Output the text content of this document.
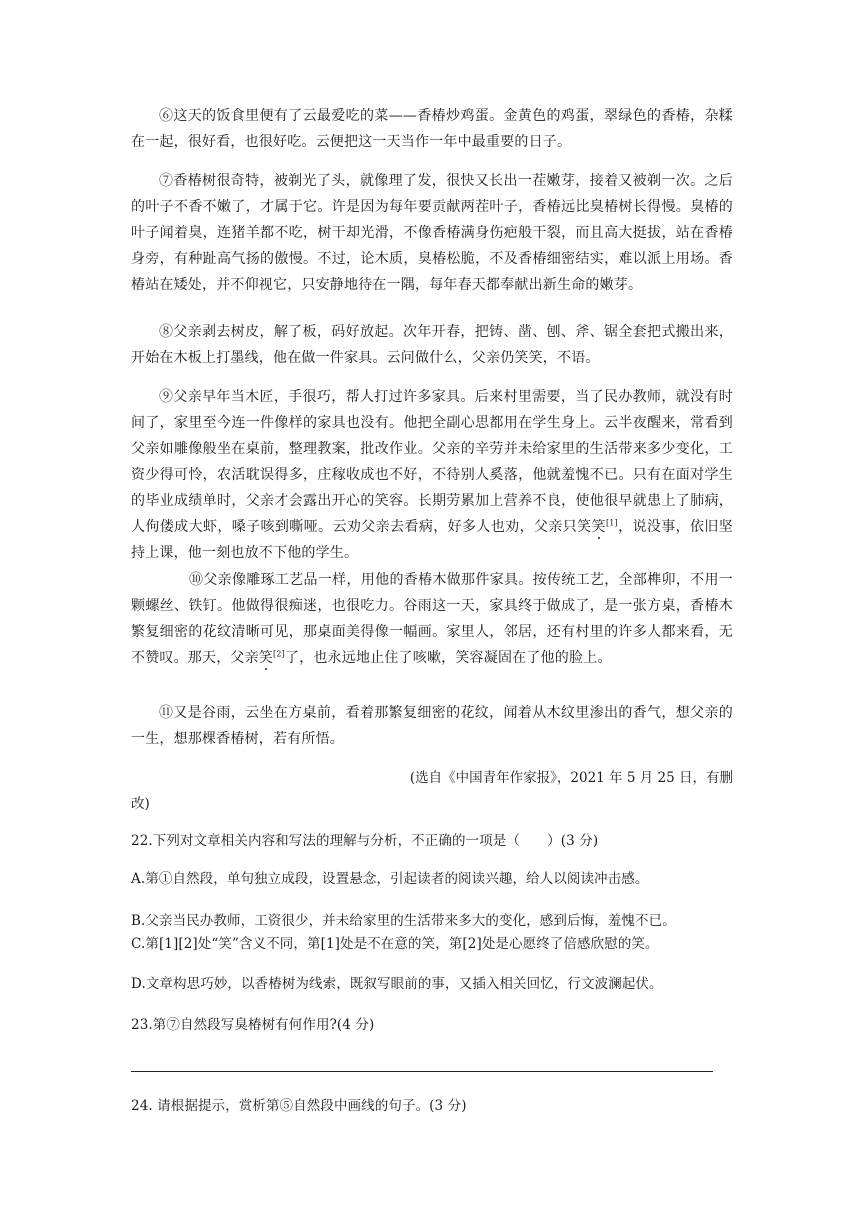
⑥这天的饭食里便有了云最爱吃的菜——香椿炒鸡蛋。金黄色的鸡蛋，翠绿色的香椿，杂糅在一起，很好看，也很好吃。云便把这一天当作一年中最重要的日子。

⑦香椿树很奇特，被剃光了头，就像理了发，很快又长出一茬嫩芽，接着又被剃一次。之后的叶子不香不嫩了，才属于它。许是因为每年要贡献两茬叶子，香椿远比臭椿树长得慢。臭椿的叶子闻着臭，连猪羊都不吃，树干却光滑，不像香椿满身伤疤般干裂，而且高大挺拔，站在香椿身旁，有种趾高气扬的傲慢。不过，论木质，臭椿松脆，不及香椿细密结实，难以派上用场。香椿站在矮处，并不仰视它，只安静地待在一隅，每年春天都奉献出新生命的嫩芽。

⑧父亲剥去树皮，解了板，码好放起。次年开春，把铸、凿、刨、斧、锯全套把式搬出来，开始在木板上打墨线，他在做一件家具。云问做什么，父亲仍笑笑，不语。

⑨父亲早年当木匠，手很巧，帮人打过许多家具。后来村里需要，当了民办教师，就没有时间了，家里至今连一件像样的家具也没有。他把全副心思都用在学生身上。云半夜醒来，常看到父亲如雕像般坐在桌前，整理教案，批改作业。父亲的辛劳并未给家里的生活带来多少变化，工资少得可怜，农活耽误得多，庄稼收成也不好，不待别人奚落，他就羞愧不已。只有在面对学生的毕业成绩单时，父亲才会露出开心的笑容。长期劳累加上营养不良，使他很早就患上了肺病，人佝偻成大虾，嗓子咳到嘶哑。云劝父亲去看病，好多人也劝，父亲只笑笑[1]，说没事，依旧坚持上课，他一刻也放不下他的学生。

⑩父亲像雕琢工艺品一样，用他的香椿木做那件家具。按传统工艺，全部榫卯，不用一颗螺丝、铁钉。他做得很痴迷，也很吃力。谷雨这一天，家具终于做成了，是一张方桌，香椿木繁复细密的花纹清晰可见，那桌面美得像一幅画。家里人，邻居，还有村里的许多人都来看，无不赞叹。那天，父亲笑[2]了，也永远地止住了咳嗽，笑容凝固在了他的脸上。

⑪又是谷雨，云坐在方桌前，看着那繁复细密的花纹，闻着从木纹里渗出的香气，想父亲的一生，想那棵香椿树，若有所悟。

(选自《中国青年作家报》，2021 年 5 月 25 日，有删
改)
22.下列对文章相关内容和写法的理解与分析，不正确的一项是（　　）(3 分)
A.第①自然段，单句独立成段，设置悬念，引起读者的阅读兴趣，给人以阅读冲击感。
B.父亲当民办教师，工资很少，并未给家里的生活带来多大的变化，感到后悔，羞愧不已。
C.第[1][2]处“笑”含义不同，第[1]处是不在意的笑，第[2]处是心愿终了倍感欣慰的笑。
D.文章构思巧妙，以香椿树为线索，既叙写眼前的事，又插入相关回忆，行文波澜起伏。
23.第⑦自然段写臭椿树有何作用?(4 分)
24. 请根据提示，赏析第⑤自然段中画线的句子。(3 分)
